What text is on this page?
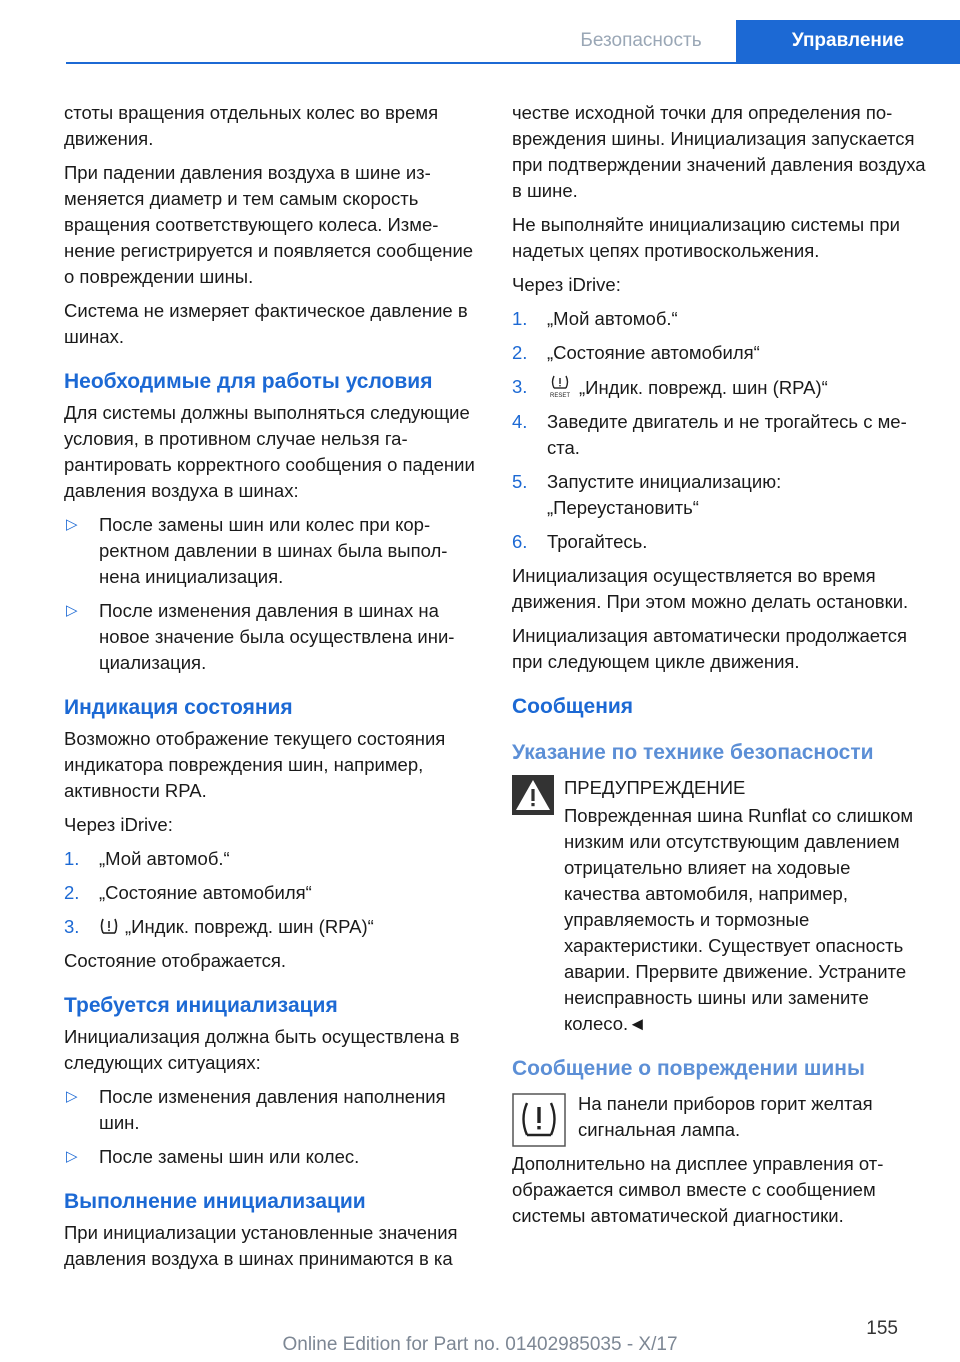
Безопасность	Управление

стоты вращения отдельных колес во время движения.

При падении давления воздуха в шине изменяется диаметр и тем самым скорость вращения соответствующего колеса. Изменение регистрируется и появляется сообщение о повреждении шины.

Система не измеряет фактическое давление в шинах.

Необходимые для работы условия

Для системы должны выполняться следующие условия, в противном случае нельзя гарантировать корректного сообщения о падении давления воздуха в шинах:

▷ После замены шин или колес при корректном давлении в шинах была выполнена инициализация.
▷ После изменения давления в шинах на новое значение была осуществлена инициализация.
Индикация состояния

Возможно отображение текущего состояния индикатора повреждения шин, например, активности RPA.

Через iDrive:

1. „Мой автомоб.“
2. „Состояние автомобиля“
3. „Индик. поврежд. шин (RPA)“

Состояние отображается.

Требуется инициализация

Инициализация должна быть осуществлена в следующих ситуациях:

▷ После изменения давления наполнения шин.
▷ После замены шин или колес.
Выполнение инициализации

При инициализации установленные значения давления воздуха в шинах принимаются в ка

честве исходной точки для определения повреждения шины. Инициализация запускается при подтверждении значений давления воздуха в шине.

Не выполняйте инициализацию системы при надетых цепях противоскольжения.

Через iDrive:

1. „Мой автомоб.“
2. „Состояние автомобиля“
3.	RESET „Индик. поврежд. шин (RPA)“
4. Заведите двигатель и не трогайтесь с места.
5. Запустите инициализацию: „Переустановить“
6. Трогайтесь.

Инициализация осуществляется во время движения. При этом можно делать остановки.

Инициализация автоматически продолжается при следующем цикле движения.

Сообщения
Указание по технике безопасности

ПРЕДУПРЕЖДЕНИЕ

Поврежденная шина Runflat со слишком низким или отсутствующим давлением отрицательно влияет на ходовые качества автомобиля, например, управляемость и тормозные характеристики. Существует опасность аварии. Прервите движение. Устраните неисправность шины или замените колесо.◄

Сообщение о повреждении шины

На панели приборов горит желтая сигнальная лампа.

Дополнительно на дисплее управления отображается символ вместе с сообщением системы автоматической диагностики.

155
Online Edition for Part no. 01402985035 - X/17
